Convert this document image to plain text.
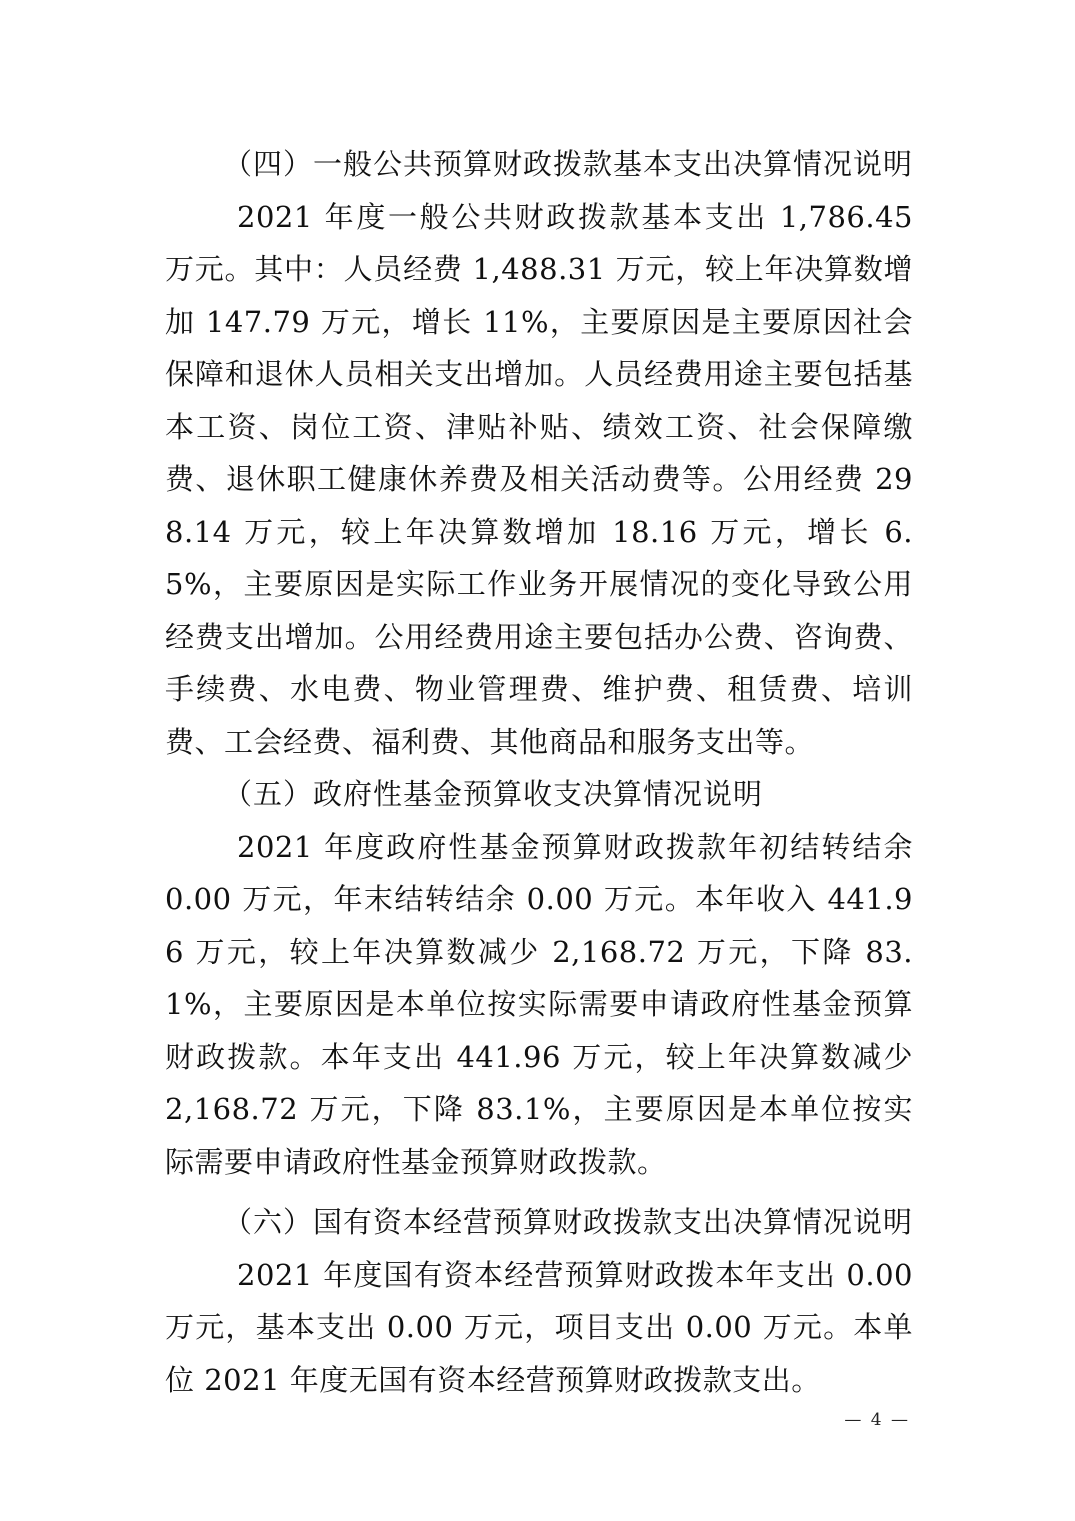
（四）一般公共预算财政拨款基本支出决算情况说明

2021 年度一般公共财政拨款基本支出 1,786.45 万元。其中：人员经费 1,488.31 万元，较上年决算数增加 147.79 万元，增长 11%，主要原因是主要原因社会保障和退休人员相关支出增加。人员经费用途主要包括基本工资、岗位工资、津贴补贴、绩效工资、社会保障缴费、退休职工健康休养费及相关活动费等。公用经费 298.14 万元，较上年决算数增加 18.16 万元，增长 6.5%，主要原因是实际工作业务开展情况的变化导致公用经费支出增加。公用经费用途主要包括办公费、咨询费、手续费、水电费、物业管理费、维护费、租赁费、培训费、工会经费、福利费、其他商品和服务支出等。

（五）政府性基金预算收支决算情况说明

2021 年度政府性基金预算财政拨款年初结转结余 0.00 万元，年末结转结余 0.00 万元。本年收入 441.96 万元，较上年决算数减少 2,168.72 万元，下降 83.1%，主要原因是本单位按实际需要申请政府性基金预算财政拨款。本年支出 441.96 万元，较上年决算数减少 2,168.72 万元，下降 83.1%，主要原因是本单位按实际需要申请政府性基金预算财政拨款。

（六）国有资本经营预算财政拨款支出决算情况说明

2021 年度国有资本经营预算财政拨本年支出 0.00 万元，基本支出 0.00 万元，项目支出 0.00 万元。本单位 2021 年度无国有资本经营预算财政拨款支出。

— 4 —
